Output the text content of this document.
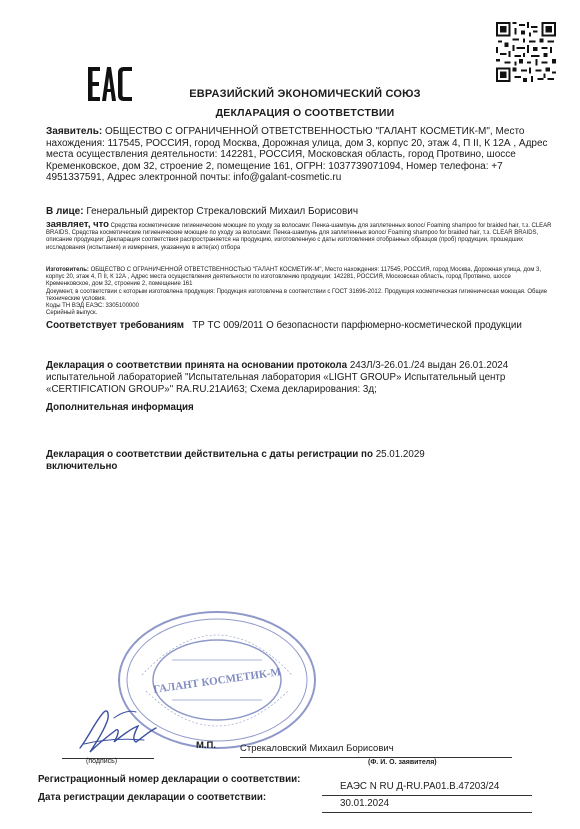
ЕВРАЗИЙСКИЙ ЭКОНОМИЧЕСКИЙ СОЮЗ
ДЕКЛАРАЦИЯ О СООТВЕТСТВИИ
Заявитель: ОБЩЕСТВО С ОГРАНИЧЕННОЙ ОТВЕТСТВЕННОСТЬЮ "ГАЛАНТ КОСМЕТИК-М", Место нахождения: 117545, РОССИЯ, город Москва, Дорожная улица, дом 3, корпус 20, этаж 4, П II, К 12А , Адрес места осуществления деятельности: 142281, РОССИЯ, Московская область, город Протвино, шоссе Кременковское, дом 32, строение 2, помещение 161, ОГРН: 1037739071094, Номер телефона: +7 4951337591, Адрес электронной почты: info@galant-cosmetic.ru
В лице: Генеральный директор Стрекаловский Михаил Борисович
заявляет, что Средства косметические гигиенические моющие по уходу за волосами: Пенка-шампунь для заплетенных волос/ Foaming shampoo for braided hair, т.з. CLEAR BRAIDS, Средства косметические гигиенические моющие по уходу за волосами: Пенка-шампунь для заплетенных волос/ Foaming shampoo for braided hair, т.з. CLEAR BRAIDS, описание продукции: Декларация соответствия распространяется на продукцию, изготовленную с даты изготовления отобранных образцов (проб) продукции, прошедших исследования (испытания) и измерения, указанную в акте(ах) отбора
Изготовитель: ОБЩЕСТВО С ОГРАНИЧЕННОЙ ОТВЕТСТВЕННОСТЬЮ "ГАЛАНТ КОСМЕТИК-М", Место нахождения: 117545, РОССИЯ, город Москва, Дорожная улица, дом 3, корпус 20, этаж 4, П II, К 12А , Адрес места осуществления деятельности по изготовлению продукции: 142281, РОССИЯ, Московская область, город Протвино, шоссе Кременковское, дом 32, строение 2, помещение 161
Документ, в соответствии с которым изготовлена продукция: Продукция изготовлена в соответствии с ГОСТ 31696-2012. Продукция косметическая гигиеническая моющая. Общие технические условия.
Коды ТН ВЭД ЕАЭС: 3305100000
Серийный выпуск.
Соответствует требованиям ТР ТС 009/2011 О безопасности парфюмерно-косметической продукции
Декларация о соответствии принята на основании протокола 243Л/3-26.01./24 выдан 26.01.2024 испытательной лабораторией "Испытательная лаборатория «LIGHT GROUP» Испытательный центр «CERTIFICATION GROUP»" RA.RU.21АИ63; Схема декларирования: 3д;
Дополнительная информация
Декларация о соответствии действительна с даты регистрации по 25.01.2029
включительно
ГАЛАНТ КОСМЕТИК-М
М.П.	Стрекаловский Михаил Борисович
(подпись)	(Ф. И. О. заявителя)
Регистрационный номер декларации о соответствии:
ЕАЭС N RU Д-RU.РА01.В.47203/24
Дата регистрации декларации о соответствии:
30.01.2024
